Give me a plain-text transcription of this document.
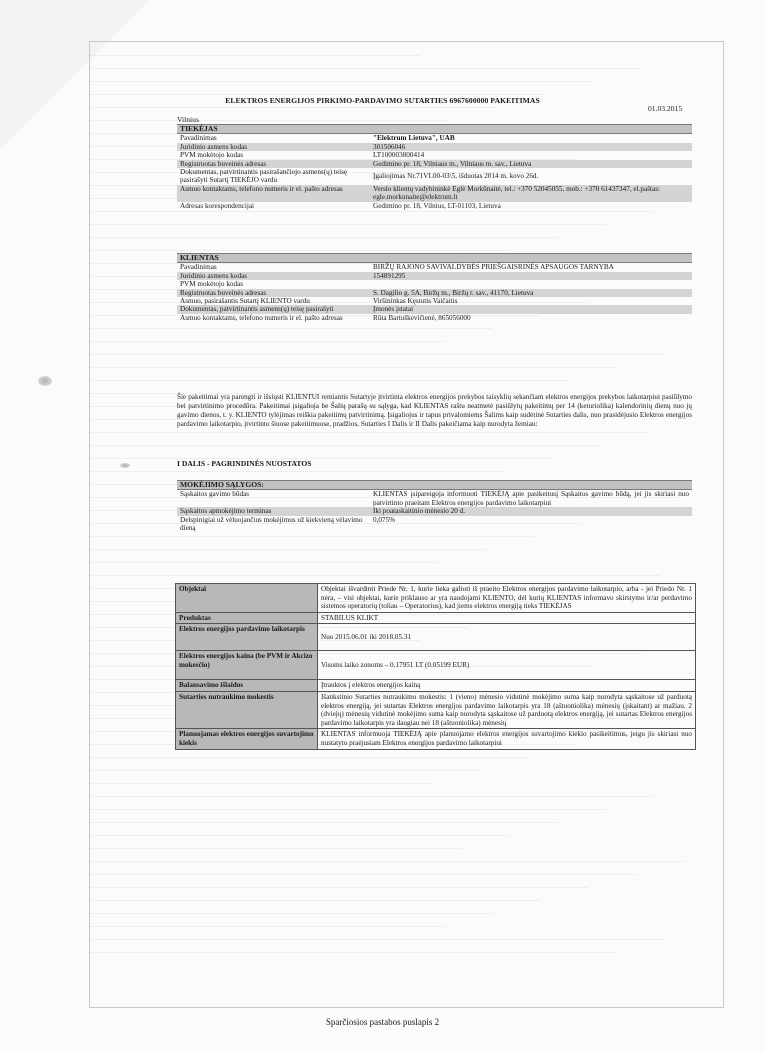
ELEKTROS ENERGIJOS PIRKIMO-PARDAVIMO SUTARTIES 6967600000 PAKEITIMAS
01.03.2015
Vilnius
TIEKĖJAS	
Pavadinimas	"Elektrum Lietuva", UAB
Juridinio asmens kodas	301506046
PVM mokėtojo kodas	LT100003800414
Registruotas buveinės adresas	Gedimino pr. 18, Vilniaus m., Vilniaus m. sav., Lietuva
Dokumentas, patvirtinantis pasirašančiojo asmens(ų) teisę pasirašyti Sutartį TIEKĖJO vardu	Įgaliojimas Nr.71VL00-03\5, išduotas 2014 m. kovo 26d.
Asmuo kontaktams, telefono numeris ir el. pašto adresas	Verslo klientų vadybininkė Eglė Morkūnaitė, tel.: +370 52045055, mob.: +370 61437347, el.paštas: egle.morkunaite@elektrum.lt
Adresas korespondencijai	Gedimino pr. 18, Vilnius, LT-01103, Lietuva
KLIENTAS	
Pavadinimas	BIRŽŲ RAJONO SAVIVALDYBĖS PRIEŠGAISRINĖS APSAUGOS TARNYBA
Juridinio asmens kodas	154891295
PVM mokėtojo kodas	
Registruotas buveinės adresas	S. Dagilio g. 5A, Biržų m., Biržų r. sav., 41170, Lietuva
Asmuo, pasirašantis Sutartį KLIENTO vardu	Viršininkas Kęstutis Vaičaitis
Dokumentas, patvirtinantis asmens(ų) teisę pasirašyti	Įmonės įstatai
Asmuo kontaktams, telefono numeris ir el. pašto adresas	Rūta Bartuškevičienė, 865056000
Šie pakeitimai yra parengti ir išsiųsti KLIENTUI remiantis Sutartyje įtvirtinta elektros energijos prekybos taisyklių sekančiam elektros energijos prekybos laikotarpiui pasiūlymo bei patvirtinimo procedūra. Pakeitimai įsigalioja be Šalių parašų su sąlyga, kad KLIENTAS raštu neatmetė pasiūlytų pakeitimų per 14 (keturiolika) kalendorinių dienų nuo jų gavimo dienos, t. y. KLIENTO tylėjimas reiškia pakeitimų patvirtinimą. Įsigaliojus ir tapus privalomiems Šalims kaip sudėtinė Sutarties dalis, nuo prasidėjusio Elektros energijos pardavimo laikotarpio, įtvirtinto šiuose pakeitimuose, pradžios, Sutarties I Dalis ir II Dalis pakeičiama kaip nurodyta žemiau:
I DALIS - PAGRINDINĖS NUOSTATOS
MOKĖJIMO SĄLYGOS:	
Sąskaitos gavimo būdas	KLIENTAS įsipareigoja informuoti TIEKĖJĄ apie pasikeitusį Sąskaitos gavimo būdą, jei jis skiriasi nuo patvirtinto praeitam Elektros energijos pardavimo laikotarpiui
Sąskaitos apmokėjimo terminas	Iki poataskaitinio mėnesio 20 d.
Delspinigiai už vėluojančius mokėjimus už kiekvieną vėlavimo dieną	0,075%
Objektai	Objektai išvardinti Priede Nr. 1, kurie lieka galioti iš praeito Elektros energijos pardavimo laikotarpio, arba - jei Priedo Nr. 1 nėra, – visi objektai, kurie priklauso ar yra naudojami KLIENTO, dėl kurių KLIENTAS informavo skirstymo ir/ar perdavimo sistemos operatorių (toliau – Operatorius), kad jiems elektros energiją tieks TIEKĖJAS
Produktas	STABILUS KLIKT
Elektros energijos pardavimo laikotarpis	Nuo 2015.06.01 iki 2018.05.31
Elektros energijos kaina (be PVM ir Akcizo mokesčio)	Visoms laiko zonoms – 0.17951 LT (0.05199 EUR)
Balansavimo išlaidos	Įtrauktos į elektros energijos kainą
Sutarties nutraukimo mokestis	Išankstinio Sutarties nutraukimo mokestis: 1 (vieno) mėnesio vidutinė mokėjimo suma kaip nurodyta sąskaitose už parduotą elektros energiją, jei sutartas Elektros energijos pardavimo laikotarpis yra 18 (aštuoniolika) mėnesių (įskaitant) ar mažiau. 2 (dviejų) mėnesių vidutinė mokėjimo suma kaip nurodyta sąskaitose už parduotą elektros energiją, jei sutartas Elektros energijos pardavimo laikotarpis yra daugiau nei 18 (aštuoniolika) mėnesių
Planuojamas elektros energijos suvartojimo kiekis	KLIENTAS informuoja TIEKĖJĄ apie planuojamo elektros energijos suvartojimo kiekio pasikeitimus, jeigu jis skiriasi nuo nustatyto praėjusiam Elektros energijos pardavimo laikotarpiui
Sparčiosios pastabos puslapis 2
